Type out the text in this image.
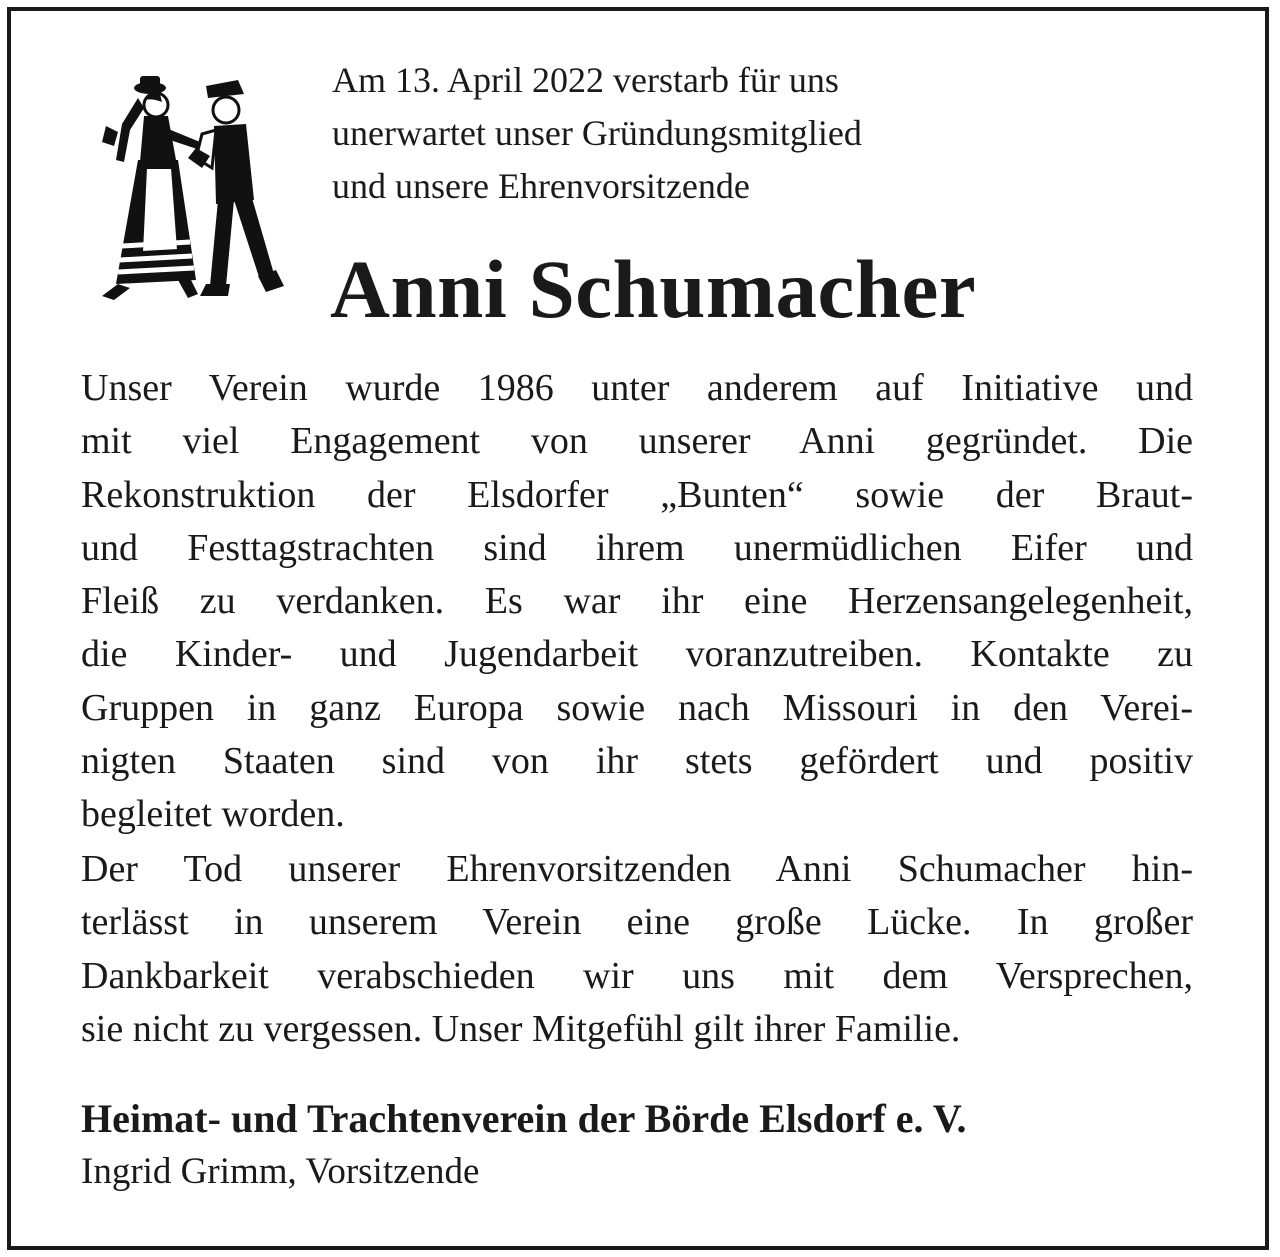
Am 13. April 2022 verstarb für uns
unerwartet unser Gründungsmitglied
und unsere Ehrenvorsitzende
Anni Schumacher
Unser Verein wurde 1986 unter anderem auf Initiative und
mit viel Engagement von unserer Anni gegründet. Die
Rekonstruktion der Elsdorfer „Bunten“ sowie der Braut-
und Festtagstrachten sind ihrem unermüdlichen Eifer und
Fleiß zu verdanken. Es war ihr eine Herzensangelegenheit,
die Kinder- und Jugendarbeit voranzutreiben. Kontakte zu
Gruppen in ganz Europa sowie nach Missouri in den Verei-
nigten Staaten sind von ihr stets gefördert und positiv
begleitet worden.
Der Tod unserer Ehrenvorsitzenden Anni Schumacher hin-
terlässt in unserem Verein eine große Lücke. In großer
Dankbarkeit verabschieden wir uns mit dem Versprechen,
sie nicht zu vergessen. Unser Mitgefühl gilt ihrer Familie.
Heimat- und Trachtenverein der Börde Elsdorf e. V.
Ingrid Grimm, Vorsitzende
